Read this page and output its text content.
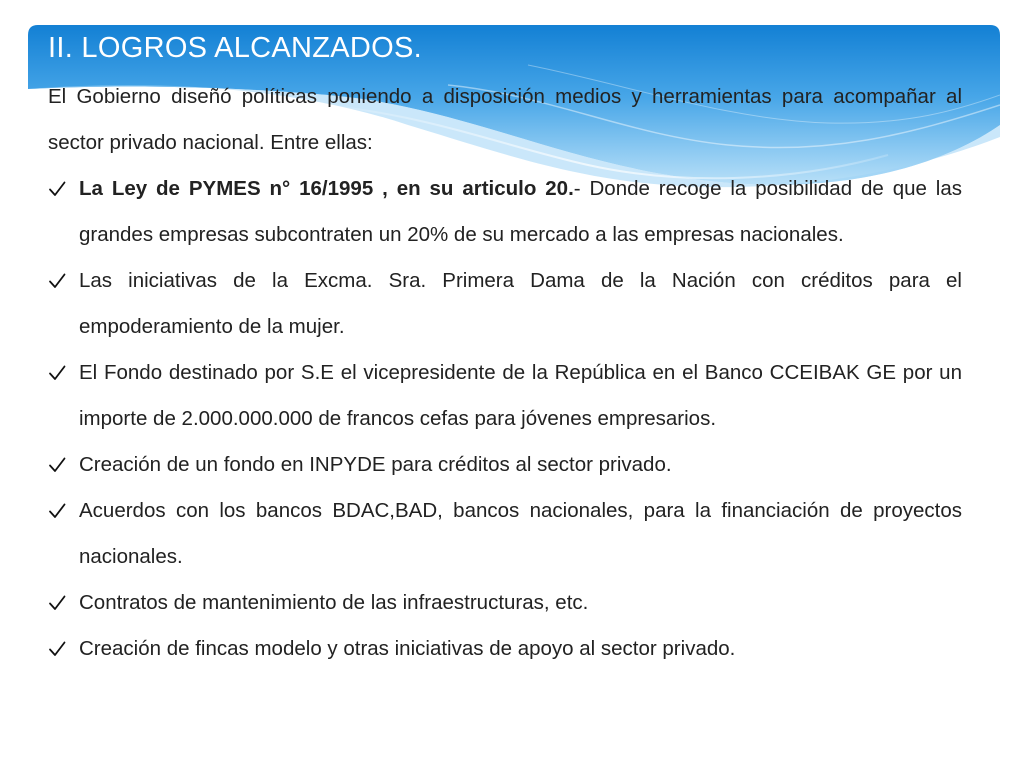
II. LOGROS ALCANZADOS.

El Gobierno diseñó políticas poniendo a disposición medios y herramientas para acompañar al sector privado nacional. Entre ellas:

La Ley de PYMES n° 16/1995 , en su articulo 20.- Donde recoge la posibilidad de que las grandes empresas subcontraten un 20% de su mercado a las empresas nacionales.
Las iniciativas de la Excma. Sra. Primera Dama de la Nación con créditos para el empoderamiento de la mujer.
El Fondo destinado por S.E el vicepresidente de la República en el Banco CCEIBAK GE por un importe de 2.000.000.000 de francos cefas para jóvenes empresarios.
Creación de un fondo en INPYDE para créditos al sector privado.
Acuerdos con los bancos BDAC,BAD, bancos nacionales, para la financiación de proyectos nacionales.
Contratos de mantenimiento de las infraestructuras, etc.
Creación de fincas modelo y otras iniciativas de apoyo al sector privado.
